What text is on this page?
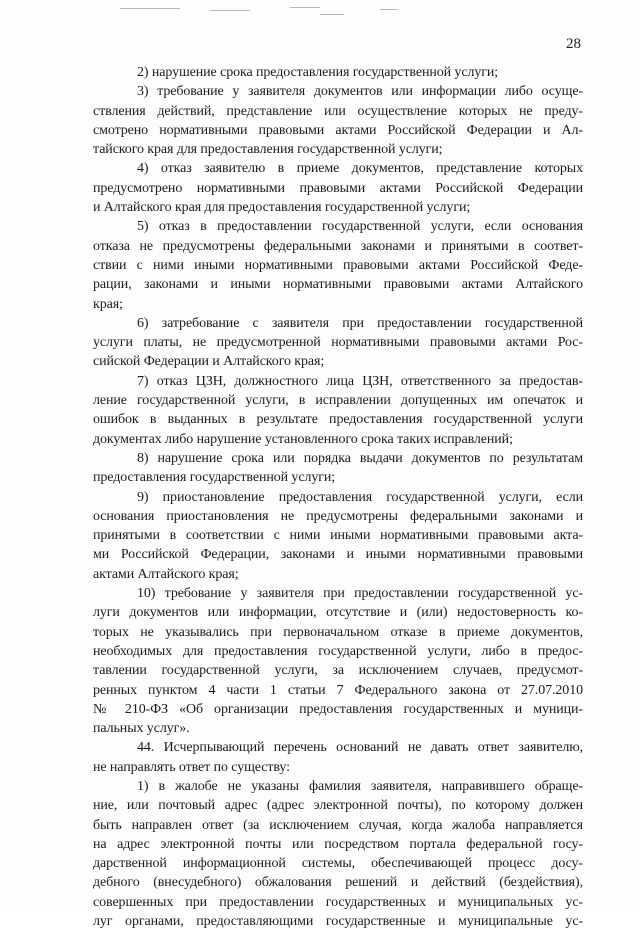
28
2) нарушение срока предоставления государственной услуги;
3) требование у заявителя документов или информации либо осуще-
ствления действий, представление или осуществление которых не преду-
смотрено нормативными правовыми актами Российской Федерации и Ал-
тайского края для предоставления государственной услуги;
4) отказ заявителю в приеме документов, представление которых
предусмотрено нормативными правовыми актами Российской Федерации
и Алтайского края для предоставления государственной услуги;
5) отказ в предоставлении государственной услуги, если основания
отказа не предусмотрены федеральными законами и принятыми в соответ-
ствии с ними иными нормативными правовыми актами Российской Феде-
рации, законами и иными нормативными правовыми актами Алтайского
края;
6) затребование с заявителя при предоставлении государственной
услуги платы, не предусмотренной нормативными правовыми актами Рос-
сийской Федерации и Алтайского края;
7) отказ ЦЗН, должностного лица ЦЗН, ответственного за предостав-
ление государственной услуги, в исправлении допущенных им опечаток и
ошибок в выданных в результате предоставления государственной услуги
документах либо нарушение установленного срока таких исправлений;
8) нарушение срока или порядка выдачи документов по результатам
предоставления государственной услуги;
9) приостановление предоставления государственной услуги, если
основания приостановления не предусмотрены федеральными законами и
принятыми в соответствии с ними иными нормативными правовыми акта-
ми Российской Федерации, законами и иными нормативными правовыми
актами Алтайского края;
10) требование у заявителя при предоставлении государственной ус-
луги документов или информации, отсутствие и (или) недостоверность ко-
торых не указывались при первоначальном отказе в приеме документов,
необходимых для предоставления государственной услуги, либо в предос-
тавлении государственной услуги, за исключением случаев, предусмот-
ренных пунктом 4 части 1 статьи 7 Федерального закона от 27.07.2010
№ 210-ФЗ «Об организации предоставления государственных и муници-
пальных услуг».
44. Исчерпывающий перечень оснований не давать ответ заявителю,
не направлять ответ по существу:
1) в жалобе не указаны фамилия заявителя, направившего обраще-
ние, или почтовый адрес (адрес электронной почты), по которому должен
быть направлен ответ (за исключением случая, когда жалоба направляется
на адрес электронной почты или посредством портала федеральной госу-
дарственной информационной системы, обеспечивающей процесс досу-
дебного (внесудебного) обжалования решений и действий (бездействия),
совершенных при предоставлении государственных и муниципальных ус-
луг органами, предоставляющими государственные и муниципальные ус-
